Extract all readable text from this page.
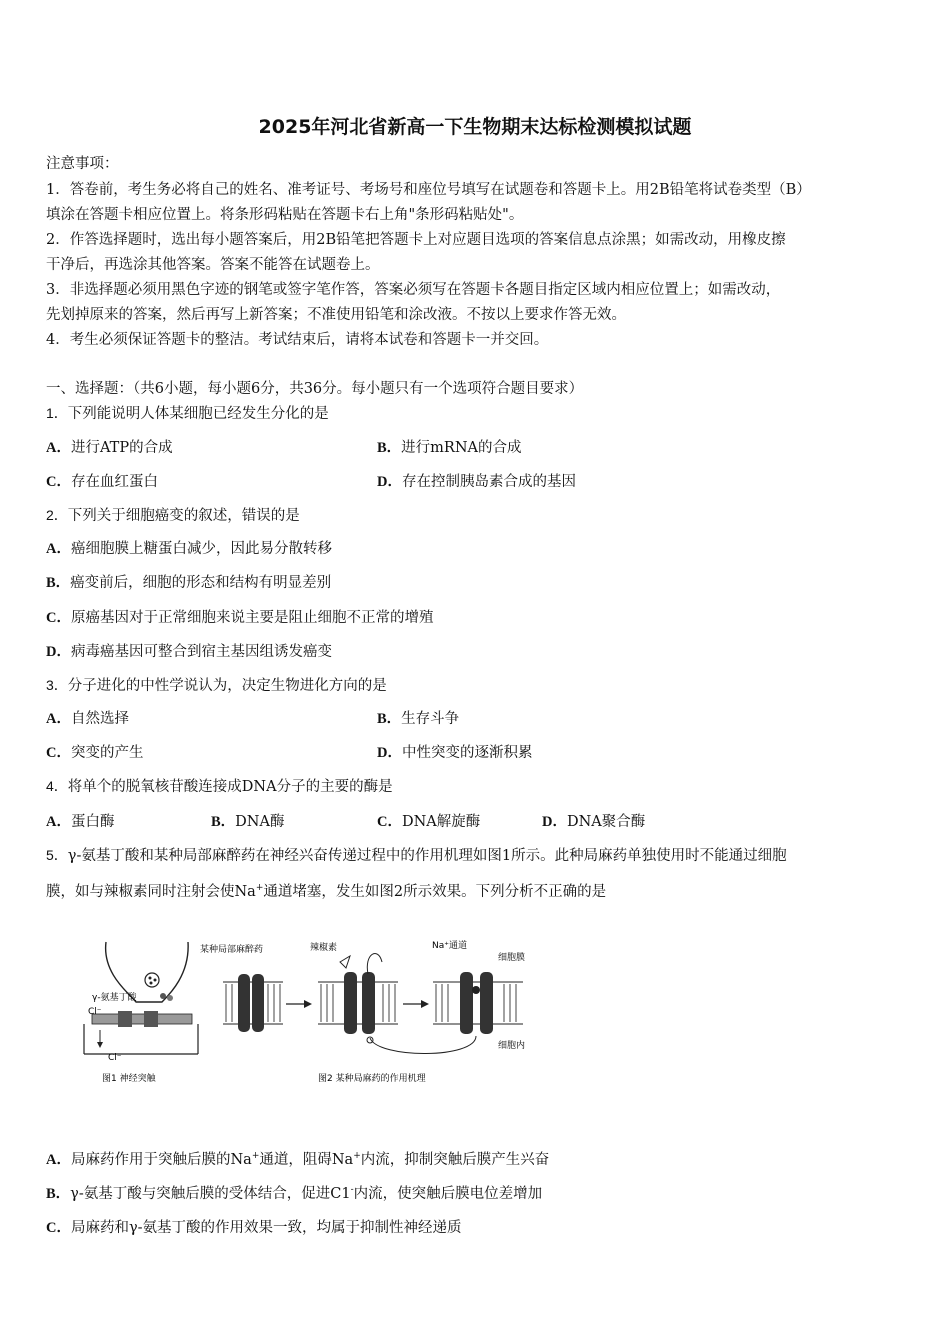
2025年河北省新高一下生物期末达标检测模拟试题
注意事项：
1．答卷前，考生务必将自己的姓名、准考证号、考场号和座位号填写在试题卷和答题卡上。用2B铅笔将试卷类型（B）
填涂在答题卡相应位置上。将条形码粘贴在答题卡右上角"条形码粘贴处"。
2．作答选择题时，选出每小题答案后，用2B铅笔把答题卡上对应题目选项的答案信息点涂黑；如需改动，用橡皮擦
干净后，再选涂其他答案。答案不能答在试题卷上。
3．非选择题必须用黑色字迹的钢笔或签字笔作答，答案必须写在答题卡各题目指定区域内相应位置上；如需改动，
先划掉原来的答案，然后再写上新答案；不准使用铅笔和涂改液。不按以上要求作答无效。
4．考生必须保证答题卡的整洁。考试结束后，请将本试卷和答题卡一并交回。
一、选择题：（共6小题，每小题6分，共36分。每小题只有一个选项符合题目要求）
1．下列能说明人体某细胞已经发生分化的是
A．进行ATP的合成	B．进行mRNA的合成
C．存在血红蛋白	D．存在控制胰岛素合成的基因
2．下列关于细胞癌变的叙述，错误的是
A．癌细胞膜上糖蛋白减少，因此易分散转移
B．癌变前后，细胞的形态和结构有明显差别
C．原癌基因对于正常细胞来说主要是阻止细胞不正常的增殖
D．病毒癌基因可整合到宿主基因组诱发癌变
3．分子进化的中性学说认为，决定生物进化方向的是
A．自然选择	B．生存斗争
C．突变的产生	D．中性突变的逐渐积累
4．将单个的脱氧核苷酸连接成DNA分子的主要的酶是
A．蛋白酶	B．DNA酶	C．DNA解旋酶	D．DNA聚合酶
5．γ-氨基丁酸和某种局部麻醉药在神经兴奋传递过程中的作用机理如图1所示。此种局麻药单独使用时不能通过细胞
膜，如与辣椒素同时注射会使Na+通道堵塞，发生如图2所示效果。下列分析不正确的是
γ-氨基丁酸
Cl⁻
Cl⁻
图1 神经突触
某种局部麻醉药	辣椒素	Na⁺通道
细胞膜
细胞内
图2 某种局麻药的作用机理
A．局麻药作用于突触后膜的Na+通道，阻碍Na+内流，抑制突触后膜产生兴奋
B．γ-氨基丁酸与突触后膜的受体结合，促进C1-内流，使突触后膜电位差增加
C．局麻药和γ-氨基丁酸的作用效果一致，均属于抑制性神经递质
